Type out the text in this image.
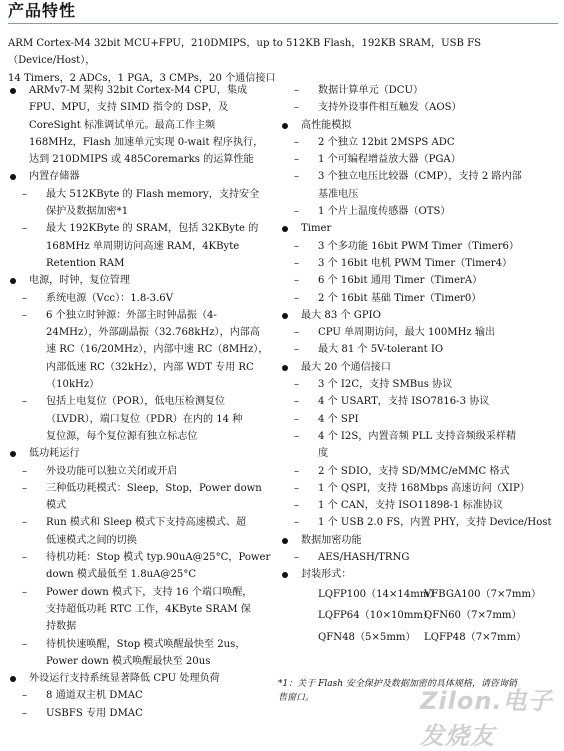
产品特性
ARM Cortex-M4 32bit MCU+FPU，210DMIPS，up to 512KB Flash，192KB SRAM，USB FS（Device/Host），
14 Timers，2 ADCs，1 PGA，3 CMPs，20 个通信接口
ARMv7-M 架构 32bit Cortex-M4 CPU，集成
FPU、MPU，支持 SIMD 指令的 DSP，及
CoreSight 标准调试单元。最高工作主频
168MHz，Flash 加速单元实现 0-wait 程序执行，
达到 210DMIPS 或 485Coremarks 的运算性能
内置存储器
– 最大 512KByte 的 Flash memory，支持安全
保护及数据加密*1
– 最大 192KByte 的 SRAM，包括 32KByte 的
168MHz 单周期访问高速 RAM，4KByte
Retention RAM
电源，时钟，复位管理
– 系统电源（Vcc）：1.8-3.6V
– 6 个独立时钟源：外部主时钟晶振（4-
24MHz），外部副晶振（32.768kHz），内部高
速 RC（16/20MHz），内部中速 RC（8MHz），
内部低速 RC（32kHz），内部 WDT 专用 RC
（10kHz）
– 包括上电复位（POR），低电压检测复位
（LVDR），端口复位（PDR）在内的 14 种
复位源，每个复位源有独立标志位
低功耗运行
– 外设功能可以独立关闭或开启
– 三种低功耗模式：Sleep，Stop，Power down
模式
– Run 模式和 Sleep 模式下支持高速模式、超
低速模式之间的切换
– 待机功耗：Stop 模式 typ.90uA@25°C，Power
down 模式最低至 1.8uA@25°C
– Power down 模式下，支持 16 个端口唤醒，
支持超低功耗 RTC 工作，4KByte SRAM 保
持数据
– 待机快速唤醒，Stop 模式唤醒最快至 2us，
Power down 模式唤醒最快至 20us
外设运行支持系统显著降低 CPU 处理负荷
– 8 通道双主机 DMAC
– USBFS 专用 DMAC
– 数据计算单元（DCU）
– 支持外设事件相互触发（AOS）
高性能模拟
– 2 个独立 12bit 2MSPS ADC
– 1 个可编程增益放大器（PGA）
– 3 个独立电压比较器（CMP），支持 2 路内部
基准电压
– 1 个片上温度传感器（OTS）
Timer
– 3 个多功能 16bit PWM Timer（Timer6）
– 3 个 16bit 电机 PWM Timer（Timer4）
– 6 个 16bit 通用 Timer（TimerA）
– 2 个 16bit 基础 Timer（Timer0）
最大 83 个 GPIO
– CPU 单周期访问，最大 100MHz 输出
– 最大 81 个 5V-tolerant IO
最大 20 个通信接口
– 3 个 I2C，支持 SMBus 协议
– 4 个 USART，支持 ISO7816-3 协议
– 4 个 SPI
– 4 个 I2S，内置音频 PLL 支持音频级采样精
度
– 2 个 SDIO，支持 SD/MMC/eMMC 格式
– 1 个 QSPI，支持 168Mbps 高速访问（XIP）
– 1 个 CAN，支持 ISO11898-1 标准协议
– 1 个 USB 2.0 FS，内置 PHY，支持 Device/Host
数据加密功能
– AES/HASH/TRNG
封装形式：
LQFP100（14×14mm）
VFBGA100（7×7mm）
LQFP64（10×10mm）
QFN60（7×7mm）
QFN48（5×5mm） LQFP48（7×7mm）
*1：关于 Flash 安全保护及数据加密的具体规格，请咨询销
售窗口。	Zilon.电子发烧友
